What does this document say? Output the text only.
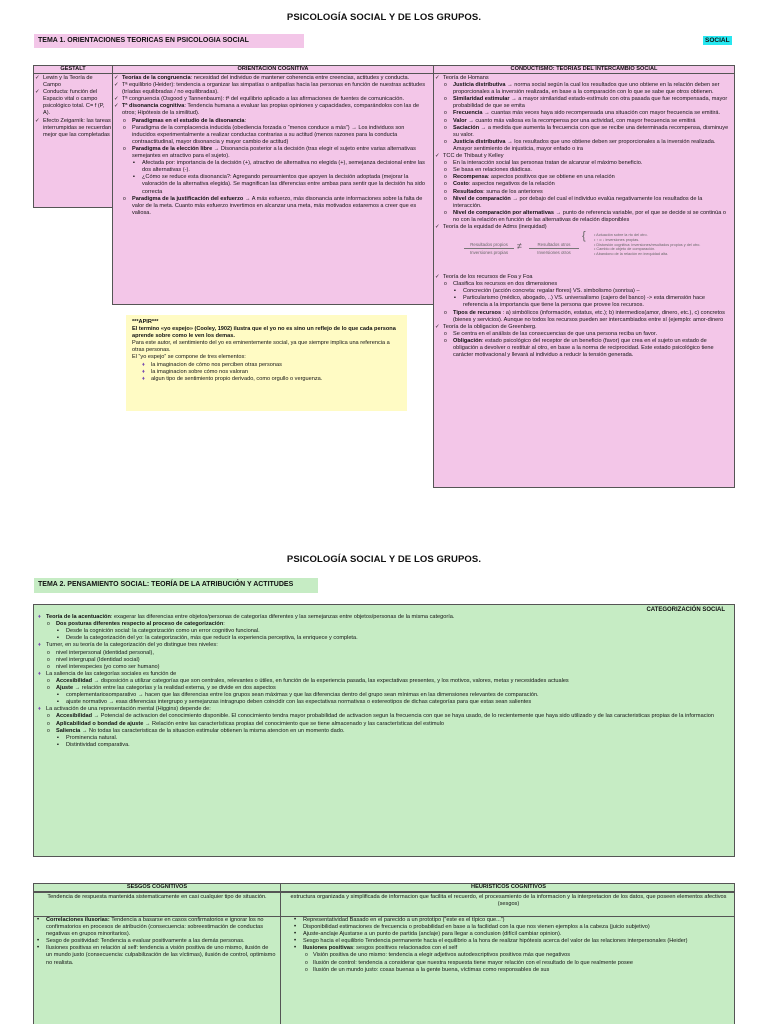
PSICOLOGÍA SOCIAL Y DE LOS GRUPOS.
TEMA 1. ORIENTACIONES TEORICAS EN PSICOLOGIA SOCIAL	SOCIAL
GESTALT
✓ Lewin y la Teoría de Campo
✓ Conducta: función del Espacio vital o campo psicológico total. C= f (P, A).
✓ Efecto Zeigarnik: las tareas interrumpidas se recuerdan mejor que las completadas
ORIENTACIÓN COGNITIVA
✓ Teorías de la congruencia: necesidad del individuo de mantener coherencia entre creencias, actitudes y conducta.
✓ Tª equilibrio (Heider): tendencia a organizar las simpatías o antipatías hacia las personas en función de nuestras actitudes (tríadas equilibradas / no equilibradas).
✓ Tª congruencia (Osgood y Tannenbaum): tª del equilibrio aplicado a las afirmaciones de fuentes de comunicación.
✓ Tª disonancia cognitiva: Tendencia humana a evaluar las propias opiniones y capacidades, comparándolos con las de otros; Hipótesis de la similitud).
o Paradigmas en el estudio de la disonancia:
o Paradigma de la complacencia inducida (obediencia forzada o “menos conduce a más”) → Los individuos son inducidos experimentalmente a realizar conductas contrarias a su actitud (menos razones para la conducta contraactitudinal, mayor disonancia y mayor cambio de actitud)
o Paradigma de la elección libre → Disonancia posterior a la decisión (tras elegir el sujeto entre varias alternativas semejantes en atractivo para el sujeto).
▪ Afectada por: importancia de la decisión (+), atractivo de alternativa no elegida (+), semejanza decisional entre las dos alternativas (-).
▪ ¿Cómo se reduce esta disonancia?: Agregando pensamientos que apoyen la decisión adoptada (mejorar la valoración de la alternativa elegida). Se magnifican las diferencias entre ambas para sentir que la decisión ha sido correcta
o Paradigma de la justificación del esfuerzo → A más esfuerzo, más disonancia ante informaciones sobre la falta de valor de la meta. Cuanto más esfuerzo invertimos en alcanzar una meta, más motivados estaremos a creer que es valiosa.
***APIR***
El termino «yo espejo» (Cooley, 1902) ilustra que el yo no es sino un reflejo de lo que cada persona aprende sobre como le ven los demas.
Para este autor, el sentimiento del yo es eminentemente social, ya que siempre implica una referencia a otras personas.
El “yo espejo” se compone de tres elementos:
♦ la imaginacion de cómo nos perciben otras personas
♦ la imaginacion sobre cómo nos valoran
♦ algun tipo de sentimiento propio derivado, como orgullo o verguenza.
CONDUCTISMO: TEORÍAS DEL INTERCAMBIO SOCIAL
✓ Teoría de Homans
o Justicia distributiva → norma social según la cual los resultados que uno obtiene en la relación deben ser proporcionales a la inversión realizada, en base a la comparación con lo que se sabe que otros obtienen.
o Similaridad estimular → a mayor similaridad estado-estímulo con otra pasada que fue recompensada, mayor probabilidad de que se emita
o Frecuencia → cuantas más veces haya sido recompensada una situación con mayor frecuencia se emitirá.
o Valor → cuanto más valiosa es la recompensa por una actividad, con mayor frecuencia se emitirá
o Saciación → a medida que aumenta la frecuencia con que se recibe una determinada recompensa, disminuye su valor.
o Justicia distributiva → los resultados que uno obtiene deben ser proporcionales a la inversión realizada. Amayor sentimiento de injusticia, mayor enfado o ira
✓ TCC de Thibaut y Kelley
o En la interacción social las personas tratan de alcanzar el máximo beneficio.
o Se basa en relaciones diádicas.
o Recompensa: aspectos positivos que se obtiene en una relación
o Costo: aspectos negativos de la relación
o Resultados: suma de los anteriores
o Nivel de comparación → por debajo del cual el individuo evalúa negativamente los resultados de la interacción.
o Nivel de comparación por alternativas → punto de referencia variable, por el que se decide si se continúa o no con la relación en función de las alternativas de relación disponibles
✓ Teoría de la equidad de Adms (inequidad)
Resultados propios
Inversiones propias
≠	Resultados otros
Inversiones otros
{ • Actuación sobre la rto del otro.
• ↑ o ↓ inversiones propias.
• Distorsión cognitiva: inversiones/resultados propios y del otro.
• Cambio de objeto de comparación.
• Abandono de la relación en inequidad alta.
✓ Teoría de los recursos de Foa y Foa
o Clasifica los recursos en dos dimensiones
▪ Concreción (acción concreta: regalar flores) VS. simbolismo (sonrisa) –
▪ Particularismo (médico, abogado, ..) VS. universalismo (cajero del banco) -> esta dimensión hace referencia a la importancia que tiene la persona que provee los recursos.
o Tipos de recursos : a) simbólicos (información, estatus, etc.); b) intermedios(amor, dinero, etc.), c) concretos (bienes y servicios). Aunque no todos los recursos pueden ser intercambiados entre sí (ejemplo: amor-dinero
✓ Teoría de la obligacion de Greenberg.
o Se centra en el análisis de las consecuencias de que una persona reciba un favor.
o Obligación: estado psicológico del receptor de un beneficio (favor) que crea en el sujeto un estado de obligación a devolver o restituir al otro, en base a la norma de reciprocidad. Este estado psicológico tiene carácter motivacional y llevará al individuo a reducir la tensión generada.
PSICOLOGÍA SOCIAL Y DE LOS GRUPOS.
TEMA 2. PENSAMIENTO SOCIAL: TEORÍA DE LA ATRIBUCIÓN Y ACTITUDES
CATEGORIZACIÓN SOCIAL
♦ Teoría de la acentuación: exagerar las diferencias entre objetos/personas de categorías diferentes y las semejanzas entre objetos/personas de la misma categoría.
o Dos posturas diferentes respecto al proceso de categorización:
▪ Desde la cognición social: la categorización como un error cognitivo funcional.
▪ Desde la categorización del yo: la categorización, más que reducir la experiencia perceptiva, la enriquece y completa.
♦ Turner, en su teoría de la categorización del yo distingue tres niveles:
o nivel interpersonal (identidad personal),
o nivel intergrupal (Identidad social)
o nivel interespecies (yo como ser humano)
♦ La saliencia de las categorías sociales es función de
o Accesibilidad → disposición a utilizar categorías que son centrales, relevantes o útiles, en función de la experiencia pasada, las expectativas presentes, y los motivos, valores, metas y necesidades actuales
o Ajuste → relación entre las categorías y la realidad externa, y se divide en dos aspectos
▪ complementariosomparativo → hacen que las diferencias entre los grupos sean máximas y que las diferencias dentro del grupo sean mínimas en las dimensiones relevantes de comparación.
▪ ajuste normativo → esas diferencias intergrupo y semejanzas intragrupo deben coincidir con las expectativas normativas o estereotipos de dichas categorías para que estas sean salientes
♦ La activación de una representación mental (Higgins) depende de:
o Accesibilidad → Potencial de activacion del conocimiento disponible. El conocimiento tendra mayor probabilidad de activacion segun la frecuencia con que se haya usado, de lo recientemente que haya sido utilizado y de las caracteristicas propias de la informacion
o Aplicabilidad o bondad de ajuste → Relación entre las características propias del conocimiento que se tiene almacenado y las características del estimulo
o Saliencia → No todas las caracteristicas de la situacion estimular obtienen la misma atencion en un momento dado.
▪ Prominencia natural.
▪ Distintividad comparativa.
SESGOS COGNITIVOS
Tendencia de respuesta mantenida sistematicamente en casi cualquier tipo de situación.
• Correlaciones ilusorias: Tendencia a basarse en casos confirmatorios e ignorar los no confirmatorios en procesos de atribución (consecuencia: sobreestimación de conductas negativas en grupos minoritarios).
• Sesgo de positividad: Tendencia a evaluar positivamente a las demás personas.
• Ilusiones positivas en relación al self: tendencia a visión positiva de uno mismo, ilusión de un mundo justo (consecuencia: culpabilización de las víctimas), ilusión de control, optimismo no realista.
HEURISTICOS COGNITIVOS
estructura organizada y simplificada de informacion que facilita el recuerdo, el procesamiento de la informacion y la interpretacion de los datos, que poseen elementos afectivos (sesgos)
• Representatividad Basado en el parecido a un prototipo (“este es el típico que...”)
• Disponibilidad estimaciones de frecuencia o probabilidad en base a la facilidad con la que nos vienen ejemplos a la cabeza (juicio subjetivo)
• Ajuste-anclaje Ajustarse a un punto de partida (anclaje) para llegar a conclusion (difícil cambiar opinion).
• Sesgo hacia el equilibrio Tendencia permanente hacia el equilibrio a la hora de realizar hipótesis acerca del valor de las relaciones interpersonales (Heider)
• Ilusiones positivas: sesgos positivos relacionados con el self
o Visión positiva de uno mismo: tendencia a elegir adjetivos autodescriptivos positivos más que negativos
o Ilusión de control: tendencia a considerar que nuestra respuesta tiene mayor relación con el resultado de lo que realmente posee
o Ilusión de un mundo justo: cosas buenas a la gente buena, víctimas como responsables de sus
